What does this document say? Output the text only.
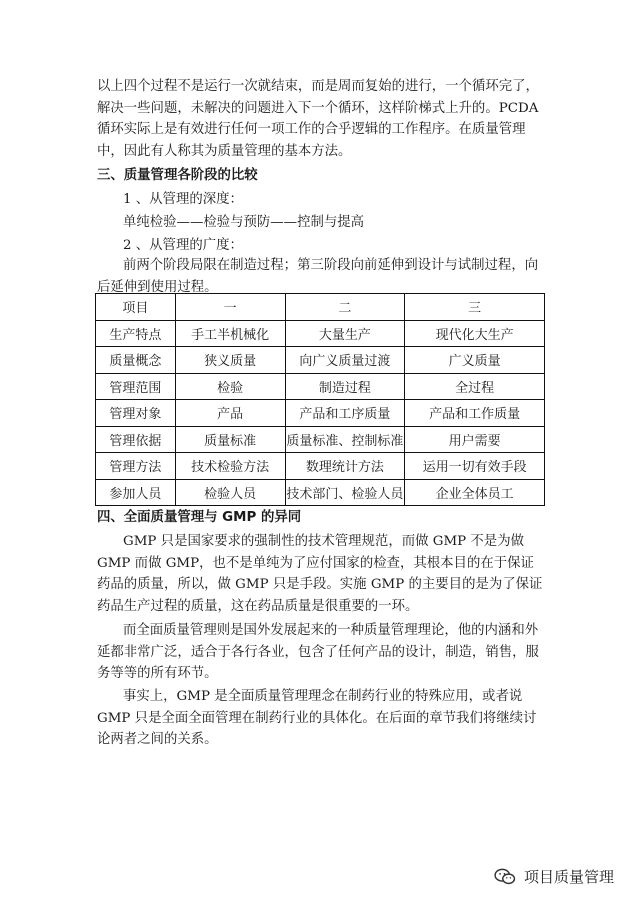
以上四个过程不是运行一次就结束，而是周而复始的进行，一个循环完了，解决一些问题，未解决的问题进入下一个循环，这样阶梯式上升的。PCDA 循环实际上是有效进行任何一项工作的合乎逻辑的工作程序。在质量管理中，因此有人称其为质量管理的基本方法。

三、质量管理各阶段的比较
1 、从管理的深度：
单纯检验——检验与预防——控制与提高
2 、从管理的广度：

前两个阶段局限在制造过程；第三阶段向前延伸到设计与试制过程，向后延伸到使用过程。

项目	一	二	三
生产特点	手工半机械化	大量生产	现代化大生产
质量概念	狭义质量	向广义质量过渡	广义质量
管理范围	检验	制造过程	全过程
管理对象	产品	产品和工序质量	产品和工作质量
管理依据	质量标准	质量标准、控制标准	用户需要
管理方法	技术检验方法	数理统计方法	运用一切有效手段
参加人员	检验人员	技术部门、检验人员	企业全体员工
四、全面质量管理与 GMP 的异同

GMP 只是国家要求的强制性的技术管理规范，而做 GMP 不是为做 GMP 而做 GMP，也不是单纯为了应付国家的检查，其根本目的在于保证药品的质量，所以，做 GMP 只是手段。实施 GMP 的主要目的是为了保证药品生产过程的质量，这在药品质量是很重要的一环。

而全面质量管理则是国外发展起来的一种质量管理理论，他的内涵和外延都非常广泛，适合于各行各业，包含了任何产品的设计，制造，销售，服务等等的所有环节。

事实上，GMP 是全面质量管理理念在制药行业的特殊应用，或者说 GMP 只是全面全面管理在制药行业的具体化。在后面的章节我们将继续讨论两者之间的关系。

项目质量管理
